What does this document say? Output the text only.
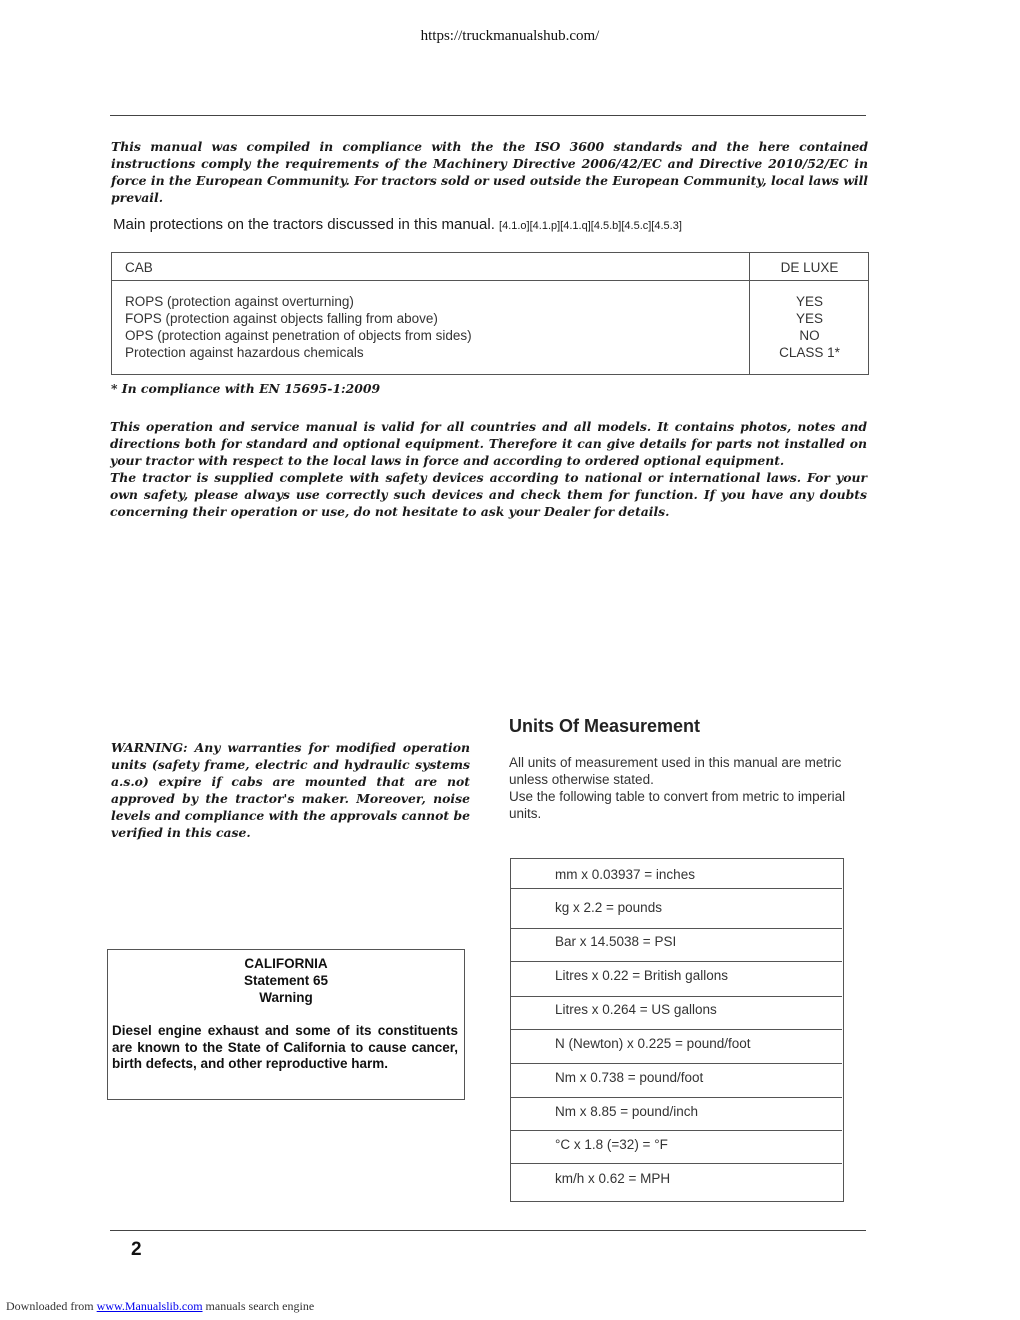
https://truckmanualshub.com/
This manual was compiled in compliance with the the ISO 3600 standards and the here contained instructions comply the requirements of the Machinery Directive 2006/42/EC and Directive 2010/52/EC in force in the European Community. For tractors sold or used outside the European Community, local laws will prevail.
Main protections on the tractors discussed in this manual. [4.1.o][4.1.p][4.1.q][4.5.b][4.5.c][4.5.3]
CAB	DE LUXE
ROPS (protection against overturning)
FOPS (protection against objects falling from above)
OPS (protection against penetration of objects from sides)
Protection against hazardous chemicals
YES
YES
NO
CLASS 1*
* In compliance with EN 15695-1:2009
This operation and service manual is valid for all countries and all models. It contains photos, notes and directions both for standard and optional equipment. Therefore it can give details for parts not installed on your tractor with respect to the local laws in force and according to ordered optional equipment.
The tractor is supplied complete with safety devices according to national or international laws. For your own safety, please always use correctly such devices and check them for function. If you have any doubts concerning their operation or use, do not hesitate to ask your Dealer for details.
Units Of Measurement
All units of measurement used in this manual are metric unless otherwise stated.
Use the following table to convert from metric to imperial units.
WARNING: Any warranties for modified operation units (safety frame, electric and hydraulic systems a.s.o) expire if cabs are mounted that are not approved by the tractor's maker. Moreover, noise levels and compliance with the approvals cannot be verified in this case.
CALIFORNIA
Statement 65
Warning
Diesel engine exhaust and some of its constituents are known to the State of California to cause cancer, birth defects, and other reproductive harm.
mm x 0.03937 = inches
kg x 2.2 = pounds
Bar x 14.5038 = PSI
Litres x 0.22 = British gallons
Litres x 0.264 = US gallons
N (Newton) x 0.225 = pound/foot
Nm x 0.738 = pound/foot
Nm x 8.85 = pound/inch
°C x 1.8 (=32) = °F
km/h x 0.62 = MPH
2
Downloaded from www.Manualslib.com manuals search engine
